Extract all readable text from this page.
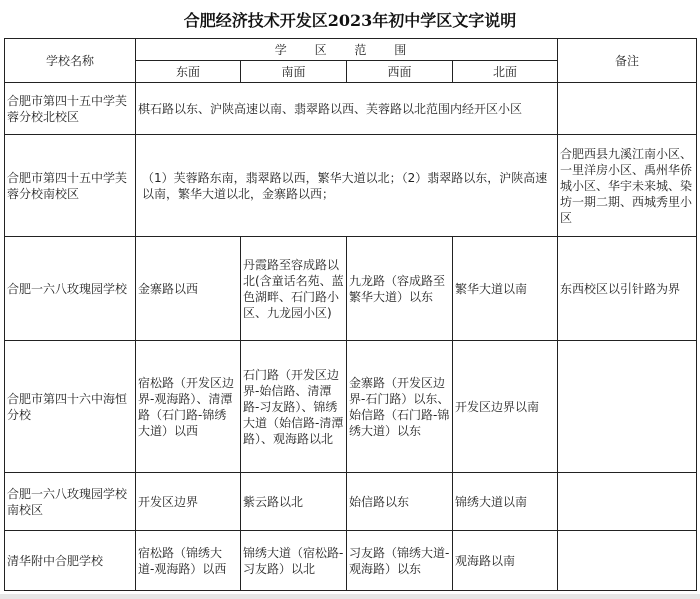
合肥经济技术开发区2023年初中学区文字说明
学校名称	学 区 范 围				备注
	东面	南面	西面	北面	
合肥市第四十五中学芙蓉分校北校区	棋石路以东、沪陕高速以南、翡翠路以西、芙蓉路以北范围内经开区小区				
合肥市第四十五中学芙蓉分校南校区	（1）芙蓉路东南，翡翠路以西，繁华大道以北；（2）翡翠路以东，沪陕高速以南，繁华大道以北，金寨路以西；				合肥西县九溪江南小区、一里洋房小区、禹州华侨城小区、华宇未来城、染坊一期二期、西城秀里小区
合肥一六八玫瑰园学校	金寨路以西	丹霞路至容成路以北(含童话名苑、蓝色湖畔、石门路小区、九龙园小区)	九龙路（容成路至繁华大道）以东	繁华大道以南	东西校区以引针路为界
合肥市第四十六中海恒分校	宿松路（开发区边界-观海路）、清潭路（石门路-锦绣大道）以西	石门路（开发区边界-始信路、清潭路-习友路）、锦绣大道（始信路-清潭路）、观海路以北	金寨路（开发区边界-石门路）以东、始信路（石门路-锦绣大道）以东	开发区边界以南	
合肥一六八玫瑰园学校南校区	开发区边界	紫云路以北	始信路以东	锦绣大道以南	
清华附中合肥学校	宿松路（锦绣大道-观海路）以西	锦绣大道（宿松路-习友路）以北	习友路（锦绣大道-观海路）以东	观海路以南	
